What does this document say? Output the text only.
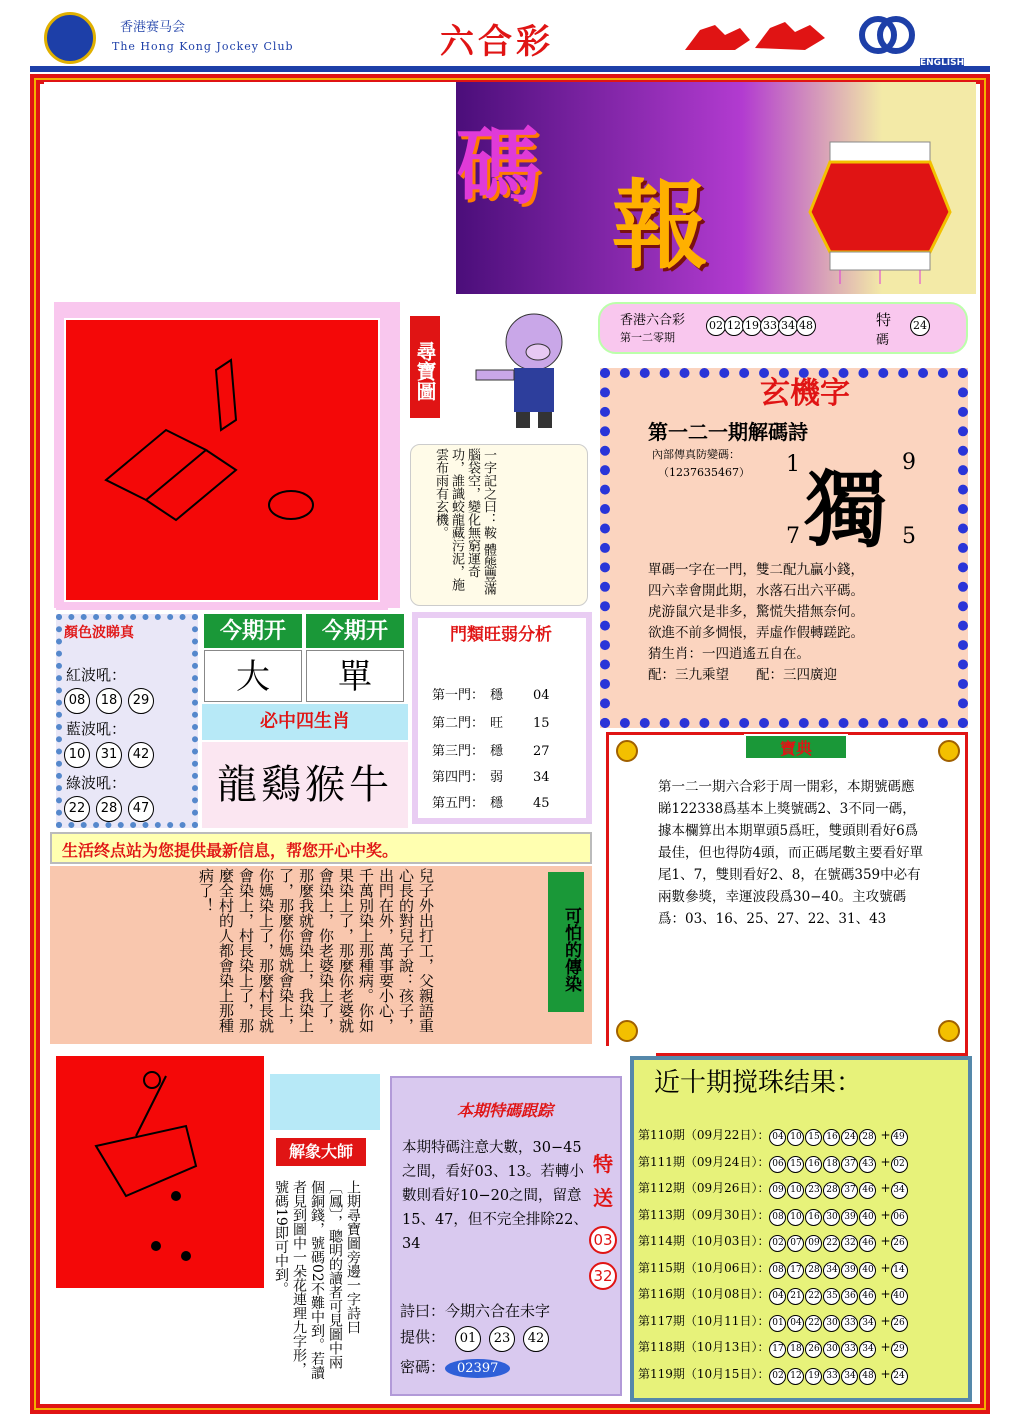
香港赛马会
The Hong Kong Jockey Club	六合彩
ENGLISH
碼
報
尋寶圖
一字記之曰：鞍 體態豐滿腦袋空，變化無窮運奇功，誰識蛟龍藏污泥，施雲布雨有玄機。
香港六合彩
第一二零期
02 12 19 33 34 48	特
碼
24
玄機字
第一二一期解碼詩
內部傳真防變碼：
（1237635467） 獨
1	9
7	5
單碼一字在一門，雙二配九贏小錢，
四六幸會開此期，水落石出六平碼。
虎游鼠穴是非多，驚慌失措無奈何。
欲進不前多惆悵，弄虛作假轉蹉跎。
猜生肖：一四逍遙五自在。
配：三九乘望　　配：三四廣迎
顏色波睇真
紅波吼：
08 18 29
藍波吼：
10 31 42
綠波吼：
22 28 47
今期开	今期开
大	單
必中四生肖
龍鷄猴牛
門類旺弱分析
第一門： 穩 04
第二門： 旺 15
第三門： 穩 27
第四門： 弱 34
第五門： 穩 45
寶典
第一二一期六合彩于周一開彩，本期號碼應睇122338爲基本上獎號碼2、3不同一碼，據本欄算出本期單頭5爲旺，雙頭則看好6爲最佳，但也得防4頭，而正碼尾數主要看好單尾1、7，雙則看好2、8，在號碼359中必有兩數參獎，幸運波段爲30−40。主攻號碼爲：03、16、25、27、22、31、43
生活终点站为您提供最新信息，帮您开心中奖。
兒子外出打工，父親語重心長的對兒子說：孩子，出門在外，萬事要小心，千萬別染上那種病。你如果染上了，那麼你老婆就會染上，你老婆染上了，那麼我就會染上，我染上了，那麼你媽就會染上，你媽染上了，那麼村長就會染上，村長染上了，那麼全村的人都會染上那種病了！
可怕的傳染
解象大師
上期尋寶圖旁邊一字詩曰〔鳳〕，聰明的讀者可見圖中兩個銅錢，號碼02不難中到。若讀者見到圖中一朵花連理九字形，號碼19即可中到。
本期特碼跟踪
本期特碼注意大數，30−45之間，看好03、13。若轉小數則看好10−20之間，留意15、47，但不完全排除22、34
特
送
03
32
詩曰：今期六合在未字
提供： 01 23 42
密碼： 02397
近十期搅珠结果：
第110期（09月22日）： 04 10 15 16 24 28 + 49
第111期（09月24日）： 06 15 16 18 37 43 + 02
第112期（09月26日）： 09 10 23 28 37 46 + 34
第113期（09月30日）： 08 10 16 30 39 40 + 06
第114期（10月03日）： 02 07 09 22 32 46 + 26
第115期（10月06日）： 08 17 28 34 39 40 + 14
第116期（10月08日）： 04 21 22 35 36 46 + 40
第117期（10月11日）： 01 04 22 30 33 34 + 26
第118期（10月13日）： 17 18 26 30 33 34 + 29
第119期（10月15日）： 02 12 19 33 34 48 + 24
